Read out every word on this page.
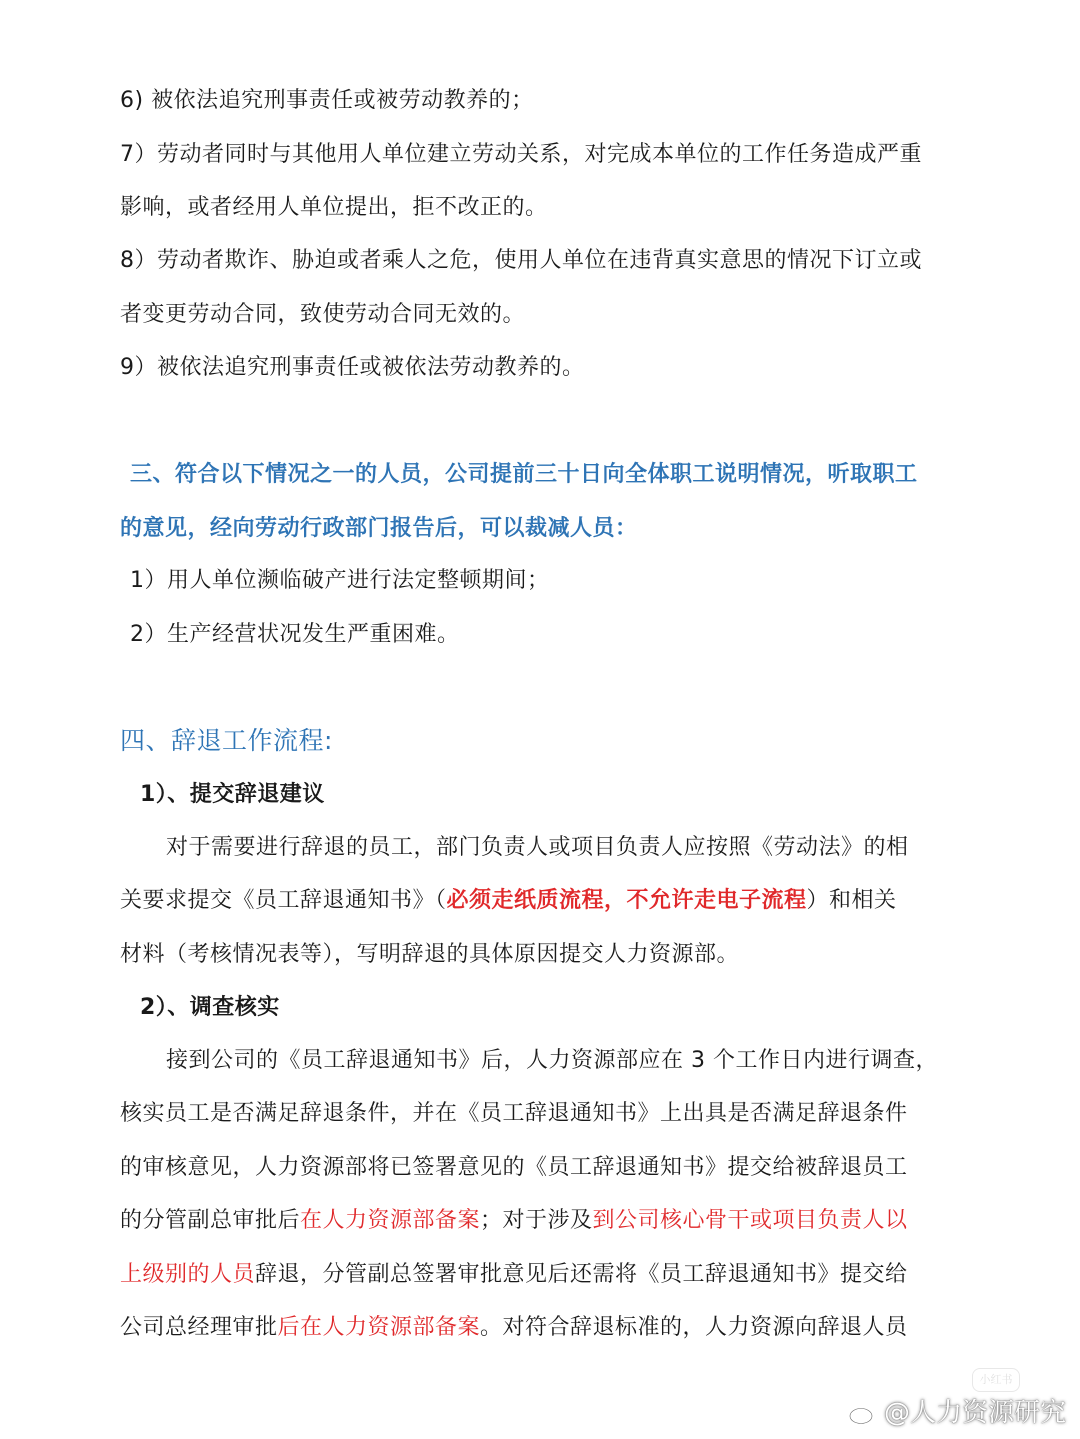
6) 被依法追究刑事责任或被劳动教养的；
7）劳动者同时与其他用人单位建立劳动关系，对完成本单位的工作任务造成严重
影响，或者经用人单位提出，拒不改正的。
8）劳动者欺诈、胁迫或者乘人之危，使用人单位在违背真实意思的情况下订立或
者变更劳动合同，致使劳动合同无效的。
9）被依法追究刑事责任或被依法劳动教养的。
三、符合以下情况之一的人员，公司提前三十日向全体职工说明情况，听取职工
的意见，经向劳动行政部门报告后，可以裁减人员：
1）用人单位濒临破产进行法定整顿期间；
2）生产经营状况发生严重困难。
四、辞退工作流程:
1）、提交辞退建议
对于需要进行辞退的员工，部门负责人或项目负责人应按照《劳动法》的相
关要求提交《员工辞退通知书》（必须走纸质流程，不允许走电子流程）和相关
材料（考核情况表等），写明辞退的具体原因提交人力资源部。
2）、调查核实
接到公司的《员工辞退通知书》后，人力资源部应在 3 个工作日内进行调查，
核实员工是否满足辞退条件，并在《员工辞退通知书》上出具是否满足辞退条件
的审核意见，人力资源部将已签署意见的《员工辞退通知书》提交给被辞退员工
的分管副总审批后在人力资源部备案；对于涉及到公司核心骨干或项目负责人以
上级别的人员辞退，分管副总签署审批意见后还需将《员工辞退通知书》提交给
公司总经理审批后在人力资源部备案。对符合辞退标准的，人力资源向辞退人员
小红书
@人力资源研究
